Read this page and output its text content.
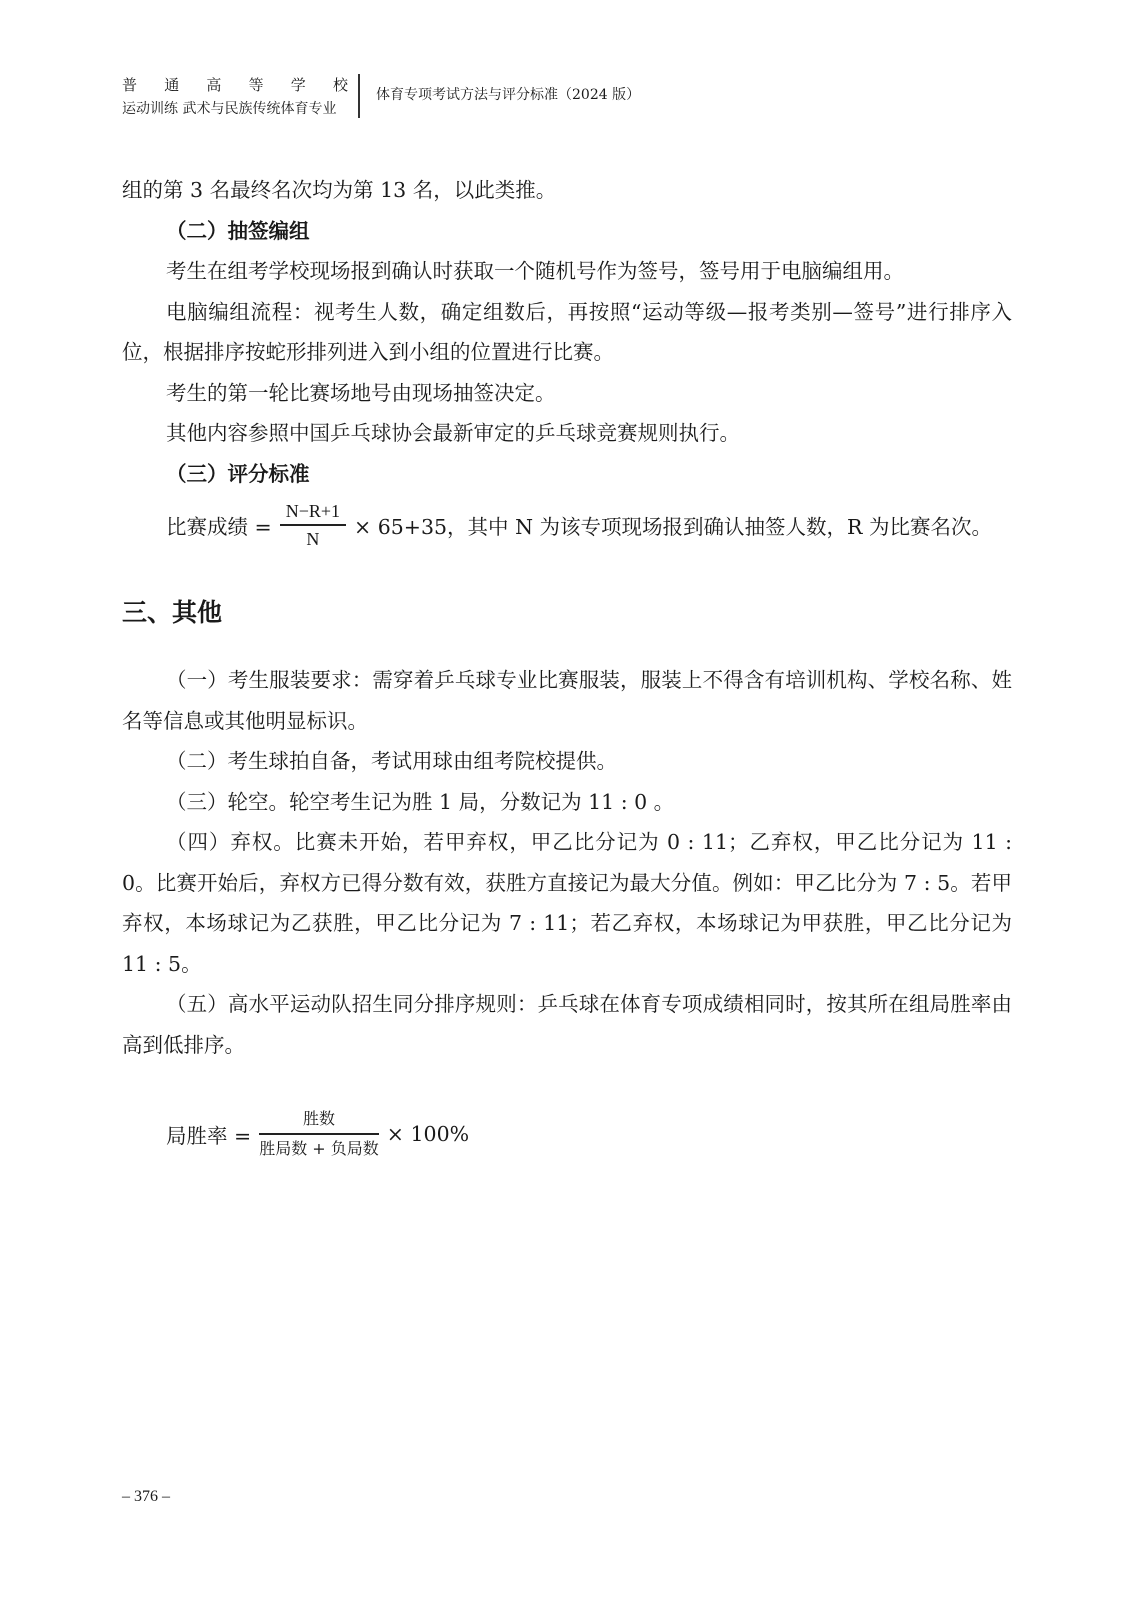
普 通 高 等 学 校
运动训练 武术与民族传统体育专业
体育专项考试方法与评分标准（2024 版）

组的第 3 名最终名次均为第 13 名，以此类推。

（二）抽签编组

考生在组考学校现场报到确认时获取一个随机号作为签号，签号用于电脑编组用。

电脑编组流程：视考生人数，确定组数后，再按照“运动等级—报考类别—签号”进行排序入位，根据排序按蛇形排列进入到小组的位置进行比赛。

考生的第一轮比赛场地号由现场抽签决定。

其他内容参照中国乒乓球协会最新审定的乒乓球竞赛规则执行。

（三）评分标准

比赛成绩 = $\frac{N-R+1}{N} \times 65+35$，其中 N 为该专项现场报到确认抽签人数，R 为比赛名次。
三、其他

（一）考生服装要求：需穿着乒乓球专业比赛服装，服装上不得含有培训机构、学校名称、姓名等信息或其他明显标识。

（二）考生球拍自备，考试用球由组考院校提供。

（三）轮空。轮空考生记为胜 1 局，分数记为 11 : 0 。

（四）弃权。比赛未开始，若甲弃权，甲乙比分记为 0 : 11；乙弃权，甲乙比分记为 11 : 0。比赛开始后，弃权方已得分数有效，获胜方直接记为最大分值。例如：甲乙比分为 7 : 5。若甲弃权，本场球记为乙获胜，甲乙比分记为 7 : 11；若乙弃权，本场球记为甲获胜，甲乙比分记为 11 : 5。

（五）高水平运动队招生同分排序规则：乒乓球在体育专项成绩相同时，按其所在组局胜率由高到低排序。

局胜率 = $\frac{\text{胜数}}{\text{胜局数 + 负局数}} \times 100\%$
– 376 –
